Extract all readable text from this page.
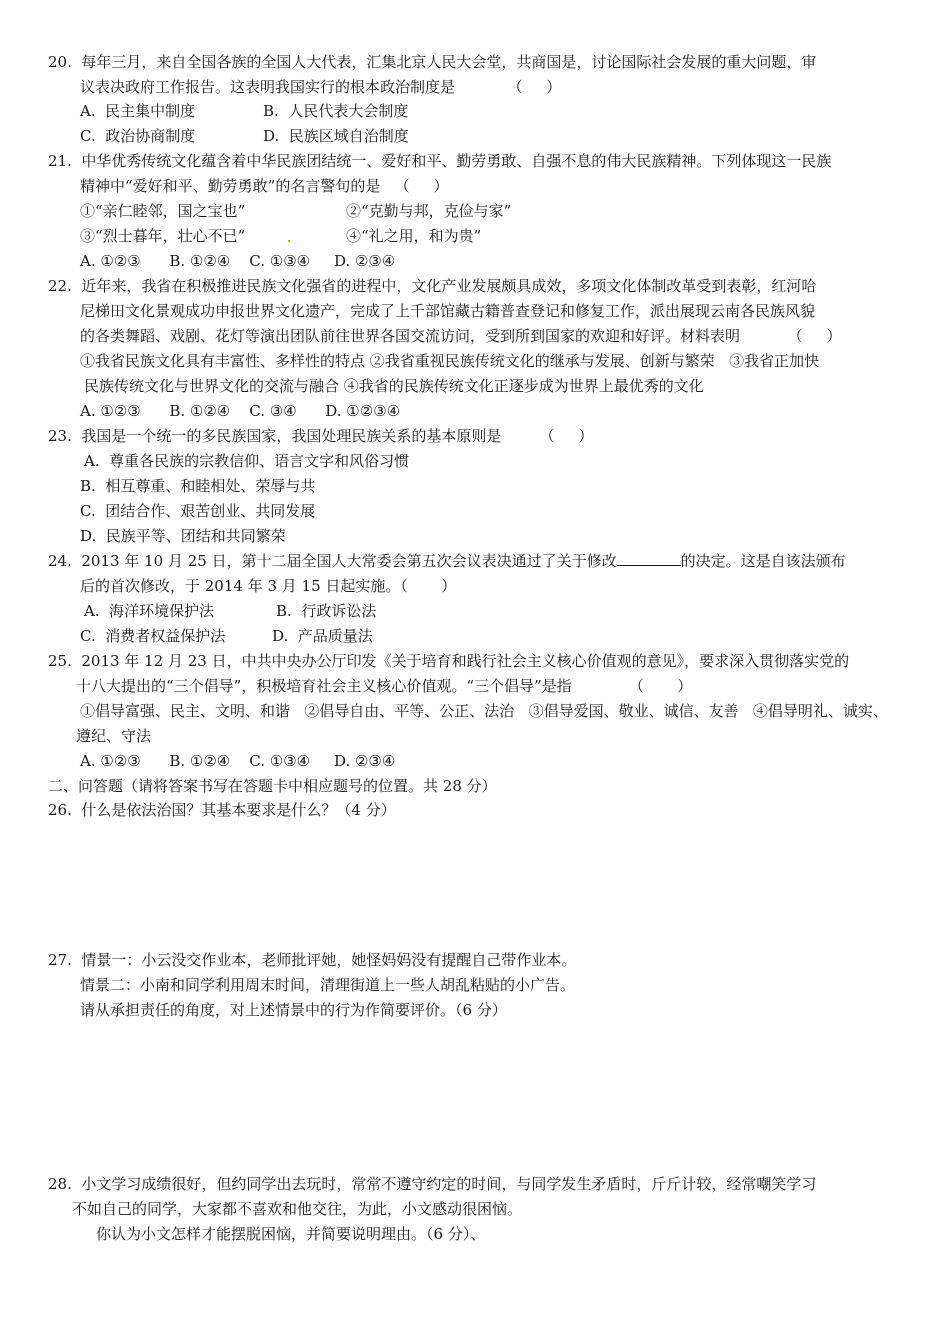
20.  每年三月，来自全国各族的全国人大代表，汇集北京人民大会堂，共商国是，讨论国际社会发展的重大问题，审
议表决政府工作报告。这表明我国实行的根本政治制度是           （     ）
A.  民主集中制度	B.  人民代表大会制度
C.  政治协商制度	D.  民族区域自治制度
21.  中华优秀传统文化蕴含着中华民族团结统一、爱好和平、勤劳勇敢、自强不息的伟大民族精神。下列体现这一民族
精神中“爱好和平、勤劳勇敢”的名言警句的是   （     ）
①“亲仁睦邻，国之宝也”	②“克勤与邦，克俭与家”
③“烈士暮年，壮心不已”	④“礼之用，和为贵”
A. ①②③      B. ①②④    C. ①③④     D. ②③④
22.  近年来，我省在积极推进民族文化强省的进程中，文化产业发展颇具成效，多项文化体制改革受到表彰，红河哈
尼梯田文化景观成功申报世界文化遗产，完成了上千部馆藏古籍普查登记和修复工作，派出展现云南各民族风貌
的各类舞蹈、戏剧、花灯等演出团队前往世界各国交流访问，受到所到国家的欢迎和好评。材料表明          （     ）
①我省民族文化具有丰富性、多样性的特点 ②我省重视民族传统文化的继承与发展、创新与繁荣   ③我省正加快
民族传统文化与世界文化的交流与融合 ④我省的民族传统文化正逐步成为世界上最优秀的文化
A. ①②③      B. ①②④    C. ③④      D. ①②③④
23.  我国是一个统一的多民族国家，我国处理民族关系的基本原则是        （     ）
A.  尊重各民族的宗教信仰、语言文字和风俗习惯
B.  相互尊重、和睦相处、荣辱与共
C.  团结合作、艰苦创业、共同发展
D.  民族平等、团结和共同繁荣
24.  2013 年 10 月 25 日，第十二届全国人大常委会第五次会议表决通过了关于修改	的决定。这是自该法颁布
后的首次修改，于 2014 年 3 月 15 日起实施。（       ）
A.  海洋环境保护法	B.  行政诉讼法
C.  消费者权益保护法	D.  产品质量法
25.  2013 年 12 月 23 日，中共中央办公厅印发《关于培育和践行社会主义核心价值观的意见》，要求深入贯彻落实党的
十八大提出的“三个倡导”，积极培育社会主义核心价值观。“三个倡导”是指            （       ）
①倡导富强、民主、文明、和谐   ②倡导自由、平等、公正、法治   ③倡导爱国、敬业、诚信、友善   ④倡导明礼、诚实、
遵纪、守法
A. ①②③      B. ①②④    C. ①③④     D. ②③④
二、问答题（请将答案书写在答题卡中相应题号的位置。共 28 分）
26.  什么是依法治国？其基本要求是什么？（4 分）
27.  情景一：小云没交作业本，老师批评她，她怪妈妈没有提醒自己带作业本。
情景二：小南和同学利用周末时间，清理街道上一些人胡乱粘贴的小广告。
请从承担责任的角度，对上述情景中的行为作简要评价。（6 分）
28.  小文学习成绩很好，但约同学出去玩时，常常不遵守约定的时间，与同学发生矛盾时，斤斤计较，经常嘲笑学习
不如自己的同学，大家都不喜欢和他交往，为此，小文感动很困恼。
你认为小文怎样才能摆脱困恼，并简要说明理由。（6 分）、
